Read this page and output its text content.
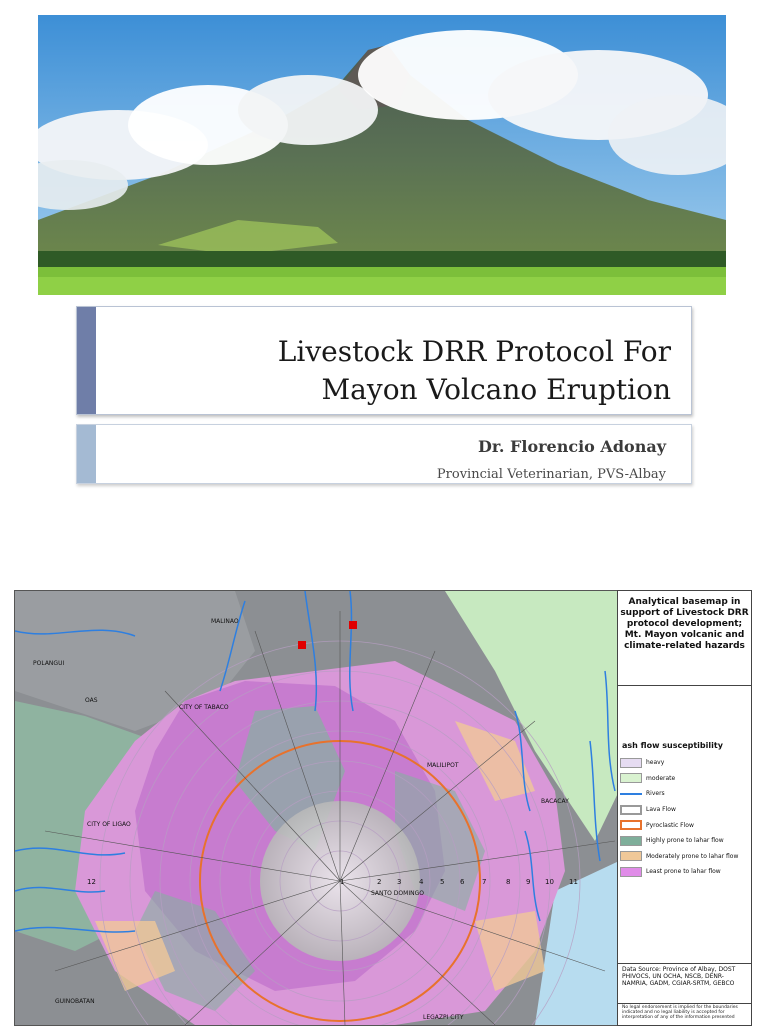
Livestock DRR Protocol For
Mayon Volcano Eruption
Dr. Florencio Adonay
Provincial Veterinarian, PVS-Albay
MALINAO
POLANGUI
OAS
CITY OF TABACO
MALILIPOT
BACACAY
CITY OF LIGAO
SANTO DOMINGO
GUINOBATAN
LEGAZPI CITY
1	2 3	4 5 6	7	8 9 10 11
12
Analytical basemap in support of Livestock DRR protocol development; Mt. Mayon volcanic and climate-related hazards
ash flow susceptibility
heavy
moderate
Rivers
Lava Flow
Pyroclastic Flow
Highly prone to lahar flow
Moderately prone to lahar flow
Least prone to lahar flow
Data Source: Province of Albay, DOST PHIVOCS, UN OCHA, NSCB, DENR-NAMRIA, GADM, CGIAR-SRTM, GEBCO
No legal endorsement is implied for the boundaries indicated and no legal liability is accepted for interpretation of any of the information presented
